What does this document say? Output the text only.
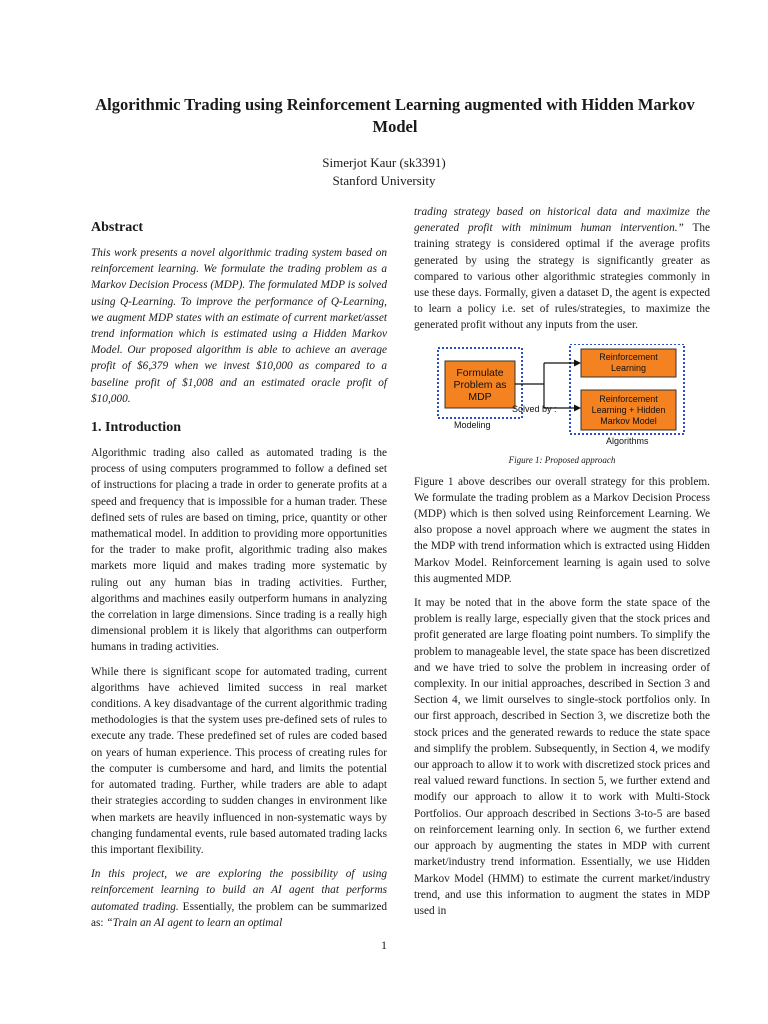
Algorithmic Trading using Reinforcement Learning augmented with Hidden Markov Model
Simerjot Kaur (sk3391)
Stanford University
Abstract

This work presents a novel algorithmic trading system based on reinforcement learning. We formulate the trading problem as a Markov Decision Process (MDP). The formulated MDP is solved using Q-Learning. To improve the performance of Q-Learning, we augment MDP states with an estimate of current market/asset trend information which is estimated using a Hidden Markov Model. Our proposed algorithm is able to achieve an average profit of $6,379 when we invest $10,000 as compared to a baseline profit of $1,008 and an estimated oracle profit of $10,000.

1. Introduction

Algorithmic trading also called as automated trading is the process of using computers programmed to follow a defined set of instructions for placing a trade in order to generate profits at a speed and frequency that is impossible for a human trader. These defined sets of rules are based on timing, price, quantity or other mathematical model. In addition to providing more opportunities for the trader to make profit, algorithmic trading also makes markets more liquid and makes trading more systematic by ruling out any human bias in trading activities. Further, algorithms and machines easily outperform humans in analyzing the correlation in large dimensions. Since trading is a really high dimensional problem it is likely that algorithms can outperform humans in trading activities.

While there is significant scope for automated trading, current algorithms have achieved limited success in real market conditions. A key disadvantage of the current algorithmic trading methodologies is that the system uses pre-defined sets of rules to execute any trade. These predefined set of rules are coded based on years of human experience. This process of creating rules for the computer is cumbersome and hard, and limits the potential for automated trading. Further, while traders are able to adapt their strategies according to sudden changes in environment like when markets are heavily influenced in non-systematic ways by changing fundamental events, rule based automated trading lacks this important flexibility.

In this project, we are exploring the possibility of using reinforcement learning to build an AI agent that performs automated trading. Essentially, the problem can be summarized as: “Train an AI agent to learn an optimal

trading strategy based on historical data and maximize the generated profit with minimum human intervention.” The training strategy is considered optimal if the average profits generated by using the strategy is significantly greater as compared to various other algorithmic strategies commonly in use these days. Formally, given a dataset D, the agent is expected to learn a policy i.e. set of rules/strategies, to maximize the generated profit without any inputs from the user.

Formulate Problem as MDP
Reinforcement Learning
Reinforcement Learning + Hidden Markov Model
Modeling
Solved by :
Algorithms
Figure 1: Proposed approach

Figure 1 above describes our overall strategy for this problem. We formulate the trading problem as a Markov Decision Process (MDP) which is then solved using Reinforcement Learning. We also propose a novel approach where we augment the states in the MDP with trend information which is extracted using Hidden Markov Model. Reinforcement learning is again used to solve this augmented MDP.

It may be noted that in the above form the state space of the problem is really large, especially given that the stock prices and profit generated are large floating point numbers. To simplify the problem to manageable level, the state space has been discretized and we have tried to solve the problem in increasing order of complexity. In our initial approaches, described in Section 3 and Section 4, we limit ourselves to single-stock portfolios only. In our first approach, described in Section 3, we discretize both the stock prices and the generated rewards to reduce the state space and simplify the problem. Subsequently, in Section 4, we modify our approach to allow it to work with discretized stock prices and real valued reward functions. In section 5, we further extend and modify our approach to allow it to work with Multi-Stock Portfolios. Our approach described in Sections 3-to-5 are based on reinforcement learning only. In section 6, we further extend our approach by augmenting the states in MDP with current market/industry trend information. Essentially, we use Hidden Markov Model (HMM) to estimate the current market/industry trend, and use this information to augment the states in MDP used in

1
